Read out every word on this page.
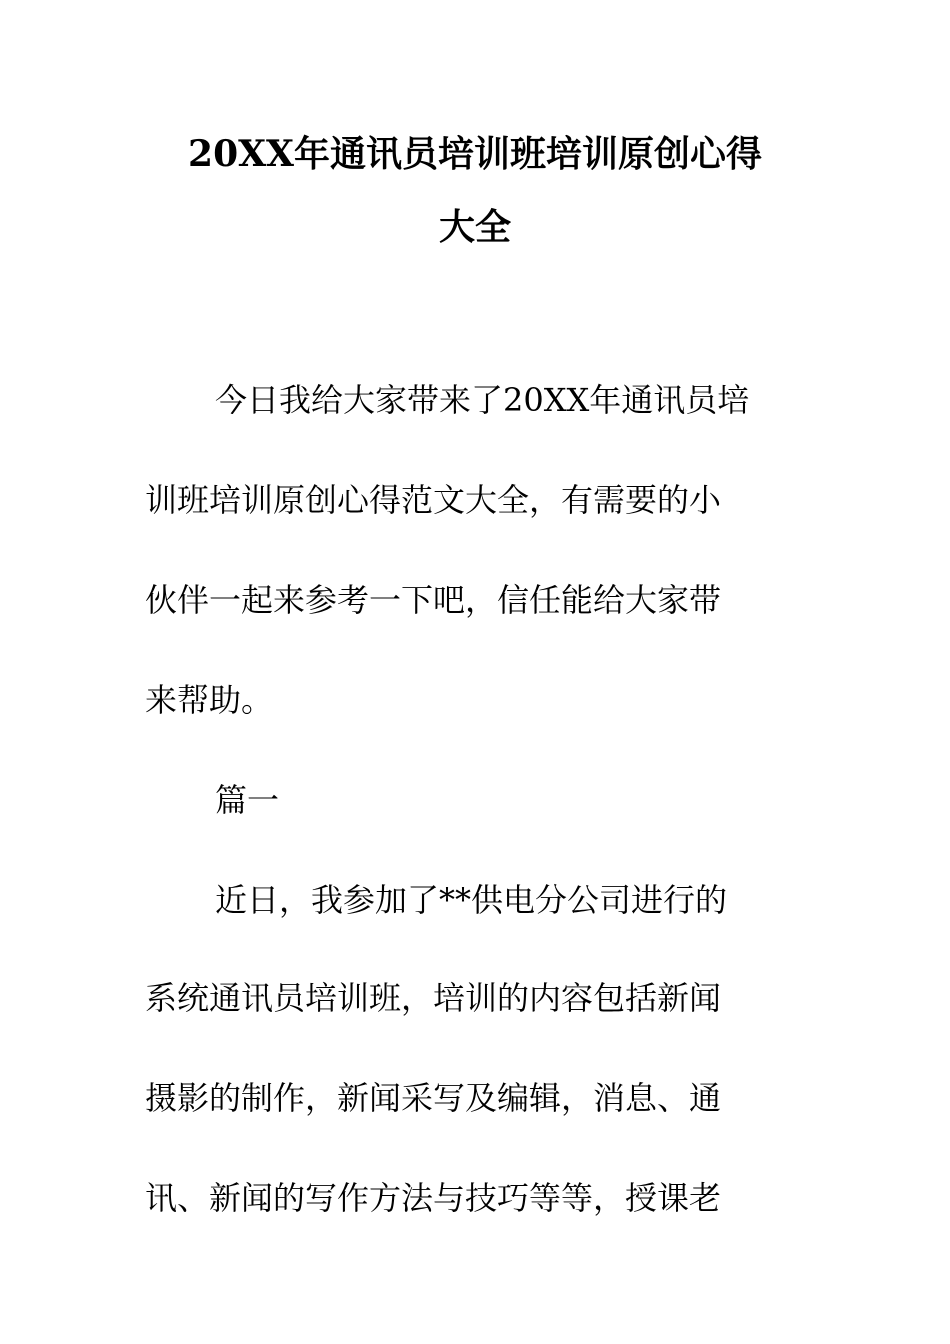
20XX年通讯员培训班培训原创心得
大全
今日我给大家带来了20XX年通讯员培
训班培训原创心得范文大全，有需要的小
伙伴一起来参考一下吧，信任能给大家带
来帮助。
篇一
近日，我参加了**供电分公司进行的
系统通讯员培训班，培训的内容包括新闻
摄影的制作，新闻采写及编辑，消息、通
讯、新闻的写作方法与技巧等等，授课老
